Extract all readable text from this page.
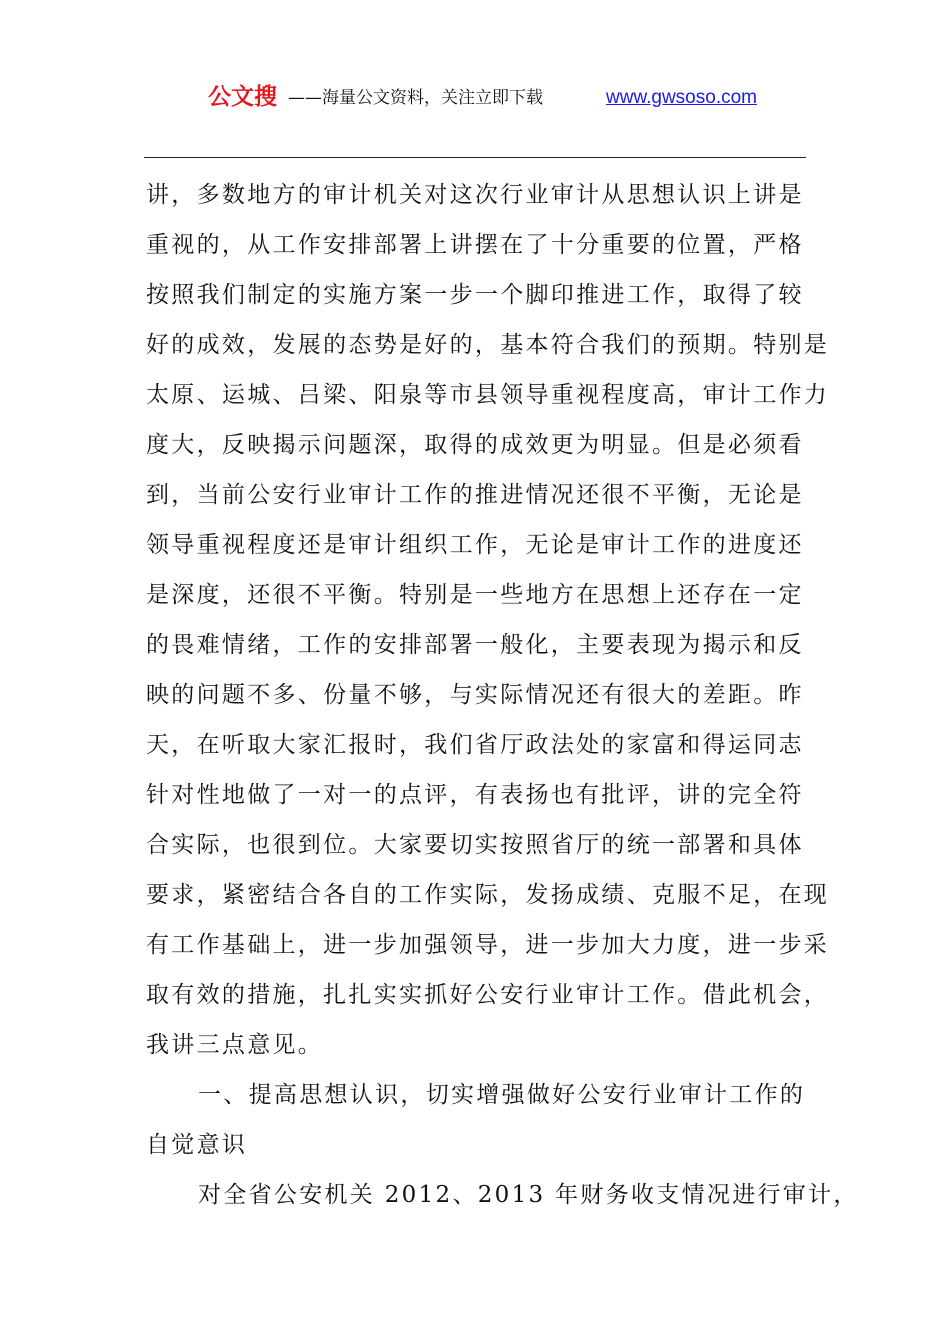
公文搜 ——海量公文资料，关注立即下载	www.gwsoso.com
讲，多数地方的审计机关对这次行业审计从思想认识上讲是
重视的，从工作安排部署上讲摆在了十分重要的位置，严格
按照我们制定的实施方案一步一个脚印推进工作，取得了较
好的成效，发展的态势是好的，基本符合我们的预期。特别是
太原、运城、吕梁、阳泉等市县领导重视程度高，审计工作力
度大，反映揭示问题深，取得的成效更为明显。但是必须看
到，当前公安行业审计工作的推进情况还很不平衡，无论是
领导重视程度还是审计组织工作，无论是审计工作的进度还
是深度，还很不平衡。特别是一些地方在思想上还存在一定
的畏难情绪，工作的安排部署一般化，主要表现为揭示和反
映的问题不多、份量不够，与实际情况还有很大的差距。昨
天，在听取大家汇报时，我们省厅政法处的家富和得运同志
针对性地做了一对一的点评，有表扬也有批评，讲的完全符
合实际，也很到位。大家要切实按照省厅的统一部署和具体
要求，紧密结合各自的工作实际，发扬成绩、克服不足，在现
有工作基础上，进一步加强领导，进一步加大力度，进一步采
取有效的措施，扎扎实实抓好公安行业审计工作。借此机会，
我讲三点意见。
一、提高思想认识，切实增强做好公安行业审计工作的
自觉意识
对全省公安机关 2012、2013 年财务收支情况进行审计，
